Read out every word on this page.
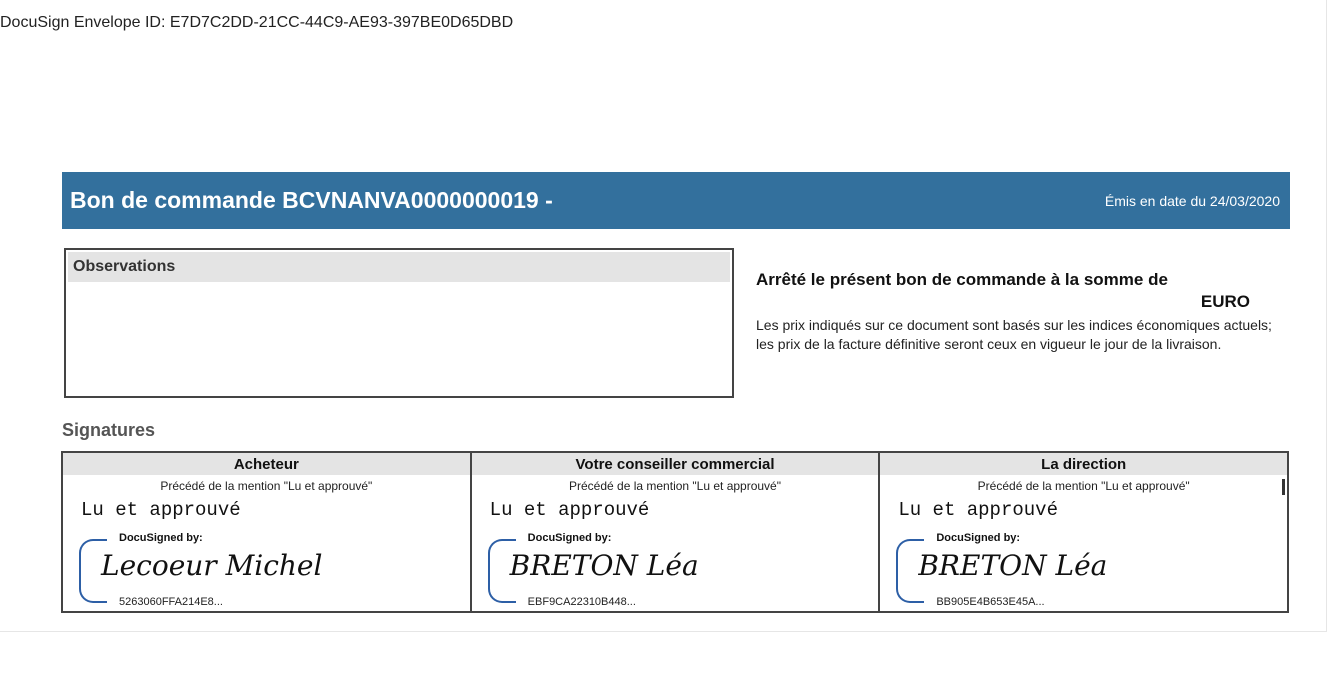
DocuSign Envelope ID: E7D7C2DD-21CC-44C9-AE93-397BE0D65DBD
Bon de commande BCVNANVA0000000019 -	Émis en date du 24/03/2020
Observations
Arrêté le présent bon de commande à la somme de
EURO
Les prix indiqués sur ce document sont basés sur les indices économiques actuels; les prix de la facture définitive seront ceux en vigueur le jour de la livraison.
Signatures
Acheteur
Précédé de la mention "Lu et approuvé"
Lu et approuvé
DocuSigned by:
Lecoeur Michel
5263060FFA214E8...
Votre conseiller commercial
Précédé de la mention "Lu et approuvé"
Lu et approuvé
DocuSigned by:
BRETON Léa
EBF9CA22310B448...
La direction
Précédé de la mention "Lu et approuvé"
Lu et approuvé
DocuSigned by:
BRETON Léa
BB905E4B653E45A...
